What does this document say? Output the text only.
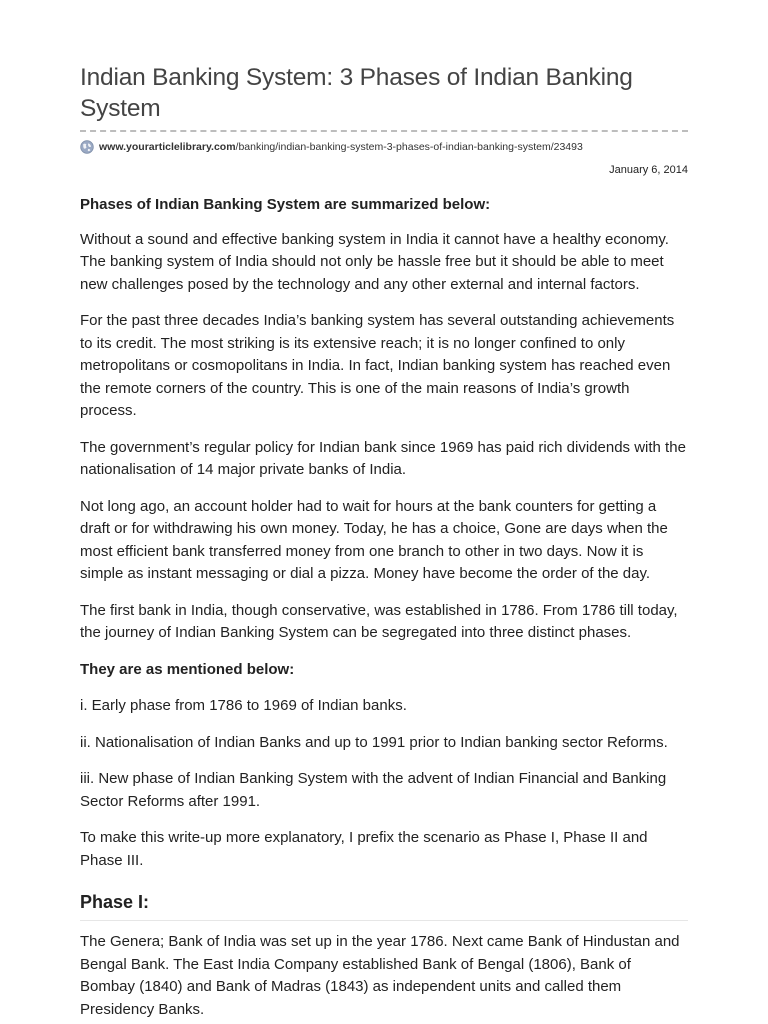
Indian Banking System: 3 Phases of Indian Banking System
www.yourarticlelibrary.com/banking/indian-banking-system-3-phases-of-indian-banking-system/23493
January 6, 2014

Phases of Indian Banking System are summarized below:

Without a sound and effective banking system in India it cannot have a healthy economy. The banking system of India should not only be hassle free but it should be able to meet new challenges posed by the technology and any other external and internal factors.

For the past three decades India’s banking system has several outstanding achievements to its credit. The most striking is its extensive reach; it is no longer confined to only metropolitans or cosmopolitans in India. In fact, Indian banking system has reached even the remote corners of the country. This is one of the main reasons of India’s growth process.

The government’s regular policy for Indian bank since 1969 has paid rich dividends with the nationalisation of 14 major private banks of India.

Not long ago, an account holder had to wait for hours at the bank counters for getting a draft or for withdrawing his own money. Today, he has a choice, Gone are days when the most efficient bank transferred money from one branch to other in two days. Now it is simple as instant messaging or dial a pizza. Money have become the order of the day.

The first bank in India, though conservative, was established in 1786. From 1786 till today, the journey of Indian Banking System can be segregated into three distinct phases.

They are as mentioned below:

i. Early phase from 1786 to 1969 of Indian banks.

ii. Nationalisation of Indian Banks and up to 1991 prior to Indian banking sector Reforms.

iii. New phase of Indian Banking System with the advent of Indian Financial and Banking Sector Reforms after 1991.

To make this write-up more explanatory, I prefix the scenario as Phase I, Phase II and Phase III.

Phase I:

The Genera; Bank of India was set up in the year 1786. Next came Bank of Hindustan and Bengal Bank. The East India Company established Bank of Bengal (1806), Bank of Bombay (1840) and Bank of Madras (1843) as independent units and called them Presidency Banks.
